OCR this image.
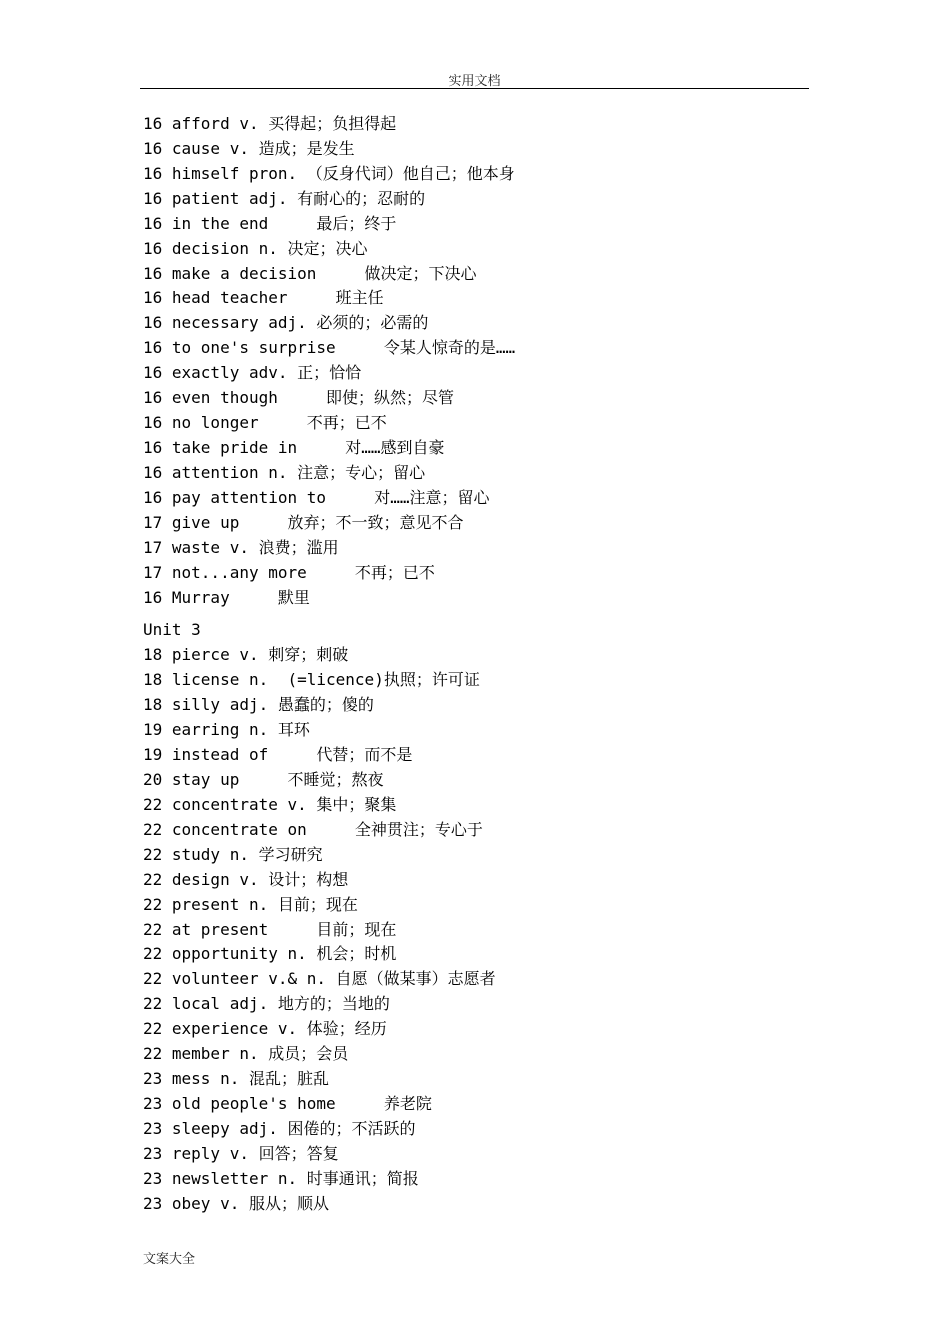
实用文档
16 afford v. 买得起；负担得起
16 cause v. 造成；是发生
16 himself pron. （反身代词）他自己；他本身
16 patient adj. 有耐心的；忍耐的
16 in the end     最后；终于
16 decision n. 决定；决心
16 make a decision     做决定；下决心
16 head teacher     班主任
16 necessary adj. 必须的；必需的
16 to one's surprise     令某人惊奇的是……
16 exactly adv. 正；恰恰
16 even though     即使；纵然；尽管
16 no longer     不再；已不
16 take pride in     对……感到自豪
16 attention n. 注意；专心；留心
16 pay attention to     对……注意；留心
17 give up     放弃；不一致；意见不合
17 waste v. 浪费；滥用
17 not...any more     不再；已不
16 Murray     默里
Unit 3
18 pierce v. 刺穿；刺破
18 license n.  (=licence)执照；许可证
18 silly adj. 愚蠢的；傻的
19 earring n. 耳环
19 instead of     代替；而不是
20 stay up     不睡觉；熬夜
22 concentrate v. 集中；聚集
22 concentrate on     全神贯注；专心于
22 study n. 学习研究
22 design v. 设计；构想
22 present n. 目前；现在
22 at present     目前；现在
22 opportunity n. 机会；时机
22 volunteer v.& n. 自愿（做某事）志愿者
22 local adj. 地方的；当地的
22 experience v. 体验；经历
22 member n. 成员；会员
23 mess n. 混乱；脏乱
23 old people's home     养老院
23 sleepy adj. 困倦的；不活跃的
23 reply v. 回答；答复
23 newsletter n. 时事通讯；简报
23 obey v. 服从；顺从
文案大全
